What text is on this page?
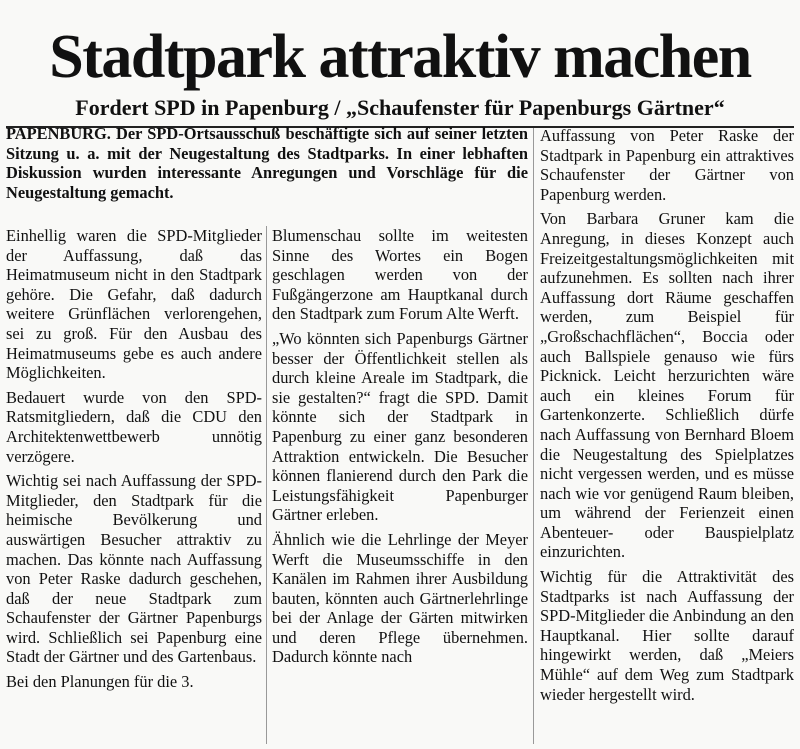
Stadtpark attraktiv machen
Fordert SPD in Papenburg / „Schaufenster für Papenburgs Gärtner“

PAPENBURG. Der SPD-Ortsausschuß beschäftigte sich auf seiner letzten Sitzung u. a. mit der Neugestaltung des Stadtparks. In einer lebhaften Diskussion wurden interessante Anregungen und Vorschläge für die Neugestaltung gemacht.

Einhellig waren die SPD-Mitglieder der Auffassung, daß das Heimatmuseum nicht in den Stadtpark gehöre. Die Gefahr, daß dadurch weitere Grünflächen verlorengehen, sei zu groß. Für den Ausbau des Heimatmuseums gebe es auch andere Möglichkeiten.

Bedauert wurde von den SPD-Ratsmitgliedern, daß die CDU den Architektenwettbewerb unnötig verzögere.

Wichtig sei nach Auffassung der SPD-Mitglieder, den Stadtpark für die heimische Bevölkerung und auswärtigen Besucher attraktiv zu machen. Das könnte nach Auffassung von Peter Raske dadurch geschehen, daß der neue Stadtpark zum Schaufenster der Gärtner Papenburgs wird. Schließlich sei Papenburg eine Stadt der Gärtner und des Gartenbaus.

Bei den Planungen für die 3.

Blumenschau sollte im weitesten Sinne des Wortes ein Bogen geschlagen werden von der Fußgängerzone am Hauptkanal durch den Stadtpark zum Forum Alte Werft.

„Wo könnten sich Papenburgs Gärtner besser der Öffentlichkeit stellen als durch kleine Areale im Stadtpark, die sie gestalten?“ fragt die SPD. Damit könnte sich der Stadtpark in Papenburg zu einer ganz besonderen Attraktion entwickeln. Die Besucher können flanierend durch den Park die Leistungsfähigkeit Papenburger Gärtner erleben.

Ähnlich wie die Lehrlinge der Meyer Werft die Museumsschiffe in den Kanälen im Rahmen ihrer Ausbildung bauten, könnten auch Gärtnerlehrlinge bei der Anlage der Gärten mitwirken und deren Pflege übernehmen. Dadurch könnte nach

Auffassung von Peter Raske der Stadtpark in Papenburg ein attraktives Schaufenster der Gärtner von Papenburg werden.

Von Barbara Gruner kam die Anregung, in dieses Konzept auch Freizeitgestaltungsmöglichkeiten mit aufzunehmen. Es sollten nach ihrer Auffassung dort Räume geschaffen werden, zum Beispiel für „Großschachflächen“, Boccia oder auch Ballspiele genauso wie fürs Picknick. Leicht herzurichten wäre auch ein kleines Forum für Gartenkonzerte. Schließlich dürfe nach Auffassung von Bernhard Bloem die Neugestaltung des Spielplatzes nicht vergessen werden, und es müsse nach wie vor genügend Raum bleiben, um während der Ferienzeit einen Abenteuer- oder Bauspielplatz einzurichten.

Wichtig für die Attraktivität des Stadtparks ist nach Auffassung der SPD-Mitglieder die Anbindung an den Hauptkanal. Hier sollte darauf hingewirkt werden, daß „Meiers Mühle“ auf dem Weg zum Stadtpark wieder hergestellt wird.
